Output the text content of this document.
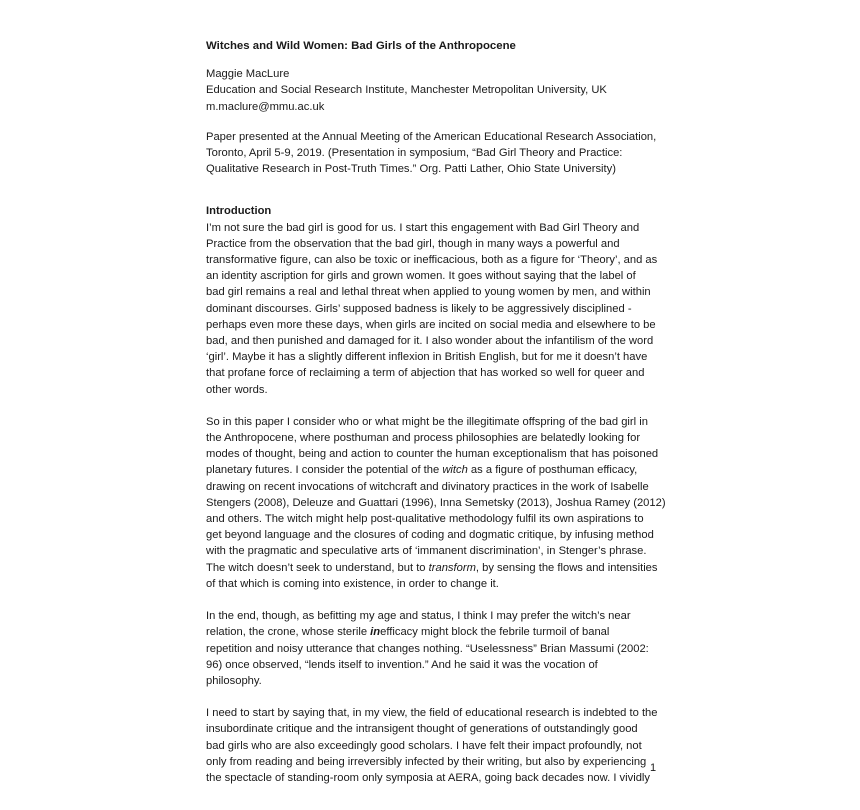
Witches and Wild Women: Bad Girls of the Anthropocene
Maggie MacLure
Education and Social Research Institute, Manchester Metropolitan University, UK
m.maclure@mmu.ac.uk
Paper presented at the Annual Meeting of the American Educational Research Association,
Toronto, April 5-9, 2019. (Presentation in symposium, “Bad Girl Theory and Practice:
Qualitative Research in Post-Truth Times.” Org. Patti Lather, Ohio State University)
Introduction
I’m not sure the bad girl is good for us. I start this engagement with Bad Girl Theory and
Practice from the observation that the bad girl, though in many ways a powerful and
transformative figure, can also be toxic or inefficacious, both as a figure for ‘Theory’, and as
an identity ascription for girls and grown women. It goes without saying that the label of
bad girl remains a real and lethal threat when applied to young women by men, and within
dominant discourses. Girls’ supposed badness is likely to be aggressively disciplined -
perhaps even more these days, when girls are incited on social media and elsewhere to be
bad, and then punished and damaged for it. I also wonder about the infantilism of the word
‘girl’. Maybe it has a slightly different inflexion in British English, but for me it doesn’t have
that profane force of reclaiming a term of abjection that has worked so well for queer and
other words.
So in this paper I consider who or what might be the illegitimate offspring of the bad girl in
the Anthropocene, where posthuman and process philosophies are belatedly looking for
modes of thought, being and action to counter the human exceptionalism that has poisoned
planetary futures. I consider the potential of the witch as a figure of posthuman efficacy,
drawing on recent invocations of witchcraft and divinatory practices in the work of Isabelle
Stengers (2008), Deleuze and Guattari (1996), Inna Semetsky (2013), Joshua Ramey (2012)
and others. The witch might help post-qualitative methodology fulfil its own aspirations to
get beyond language and the closures of coding and dogmatic critique, by infusing method
with the pragmatic and speculative arts of ‘immanent discrimination’, in Stenger’s phrase.
The witch doesn’t seek to understand, but to transform, by sensing the flows and intensities
of that which is coming into existence, in order to change it.
In the end, though, as befitting my age and status, I think I may prefer the witch’s near
relation, the crone, whose sterile inefficacy might block the febrile turmoil of banal
repetition and noisy utterance that changes nothing. “Uselessness” Brian Massumi (2002:
96) once observed, “lends itself to invention.” And he said it was the vocation of
philosophy.
I need to start by saying that, in my view, the field of educational research is indebted to the
insubordinate critique and the intransigent thought of generations of outstandingly good
bad girls who are also exceedingly good scholars. I have felt their impact profoundly, not
only from reading and being irreversibly infected by their writing, but also by experiencing
the spectacle of standing-room only symposia at AERA, going back decades now. I vividly
1
